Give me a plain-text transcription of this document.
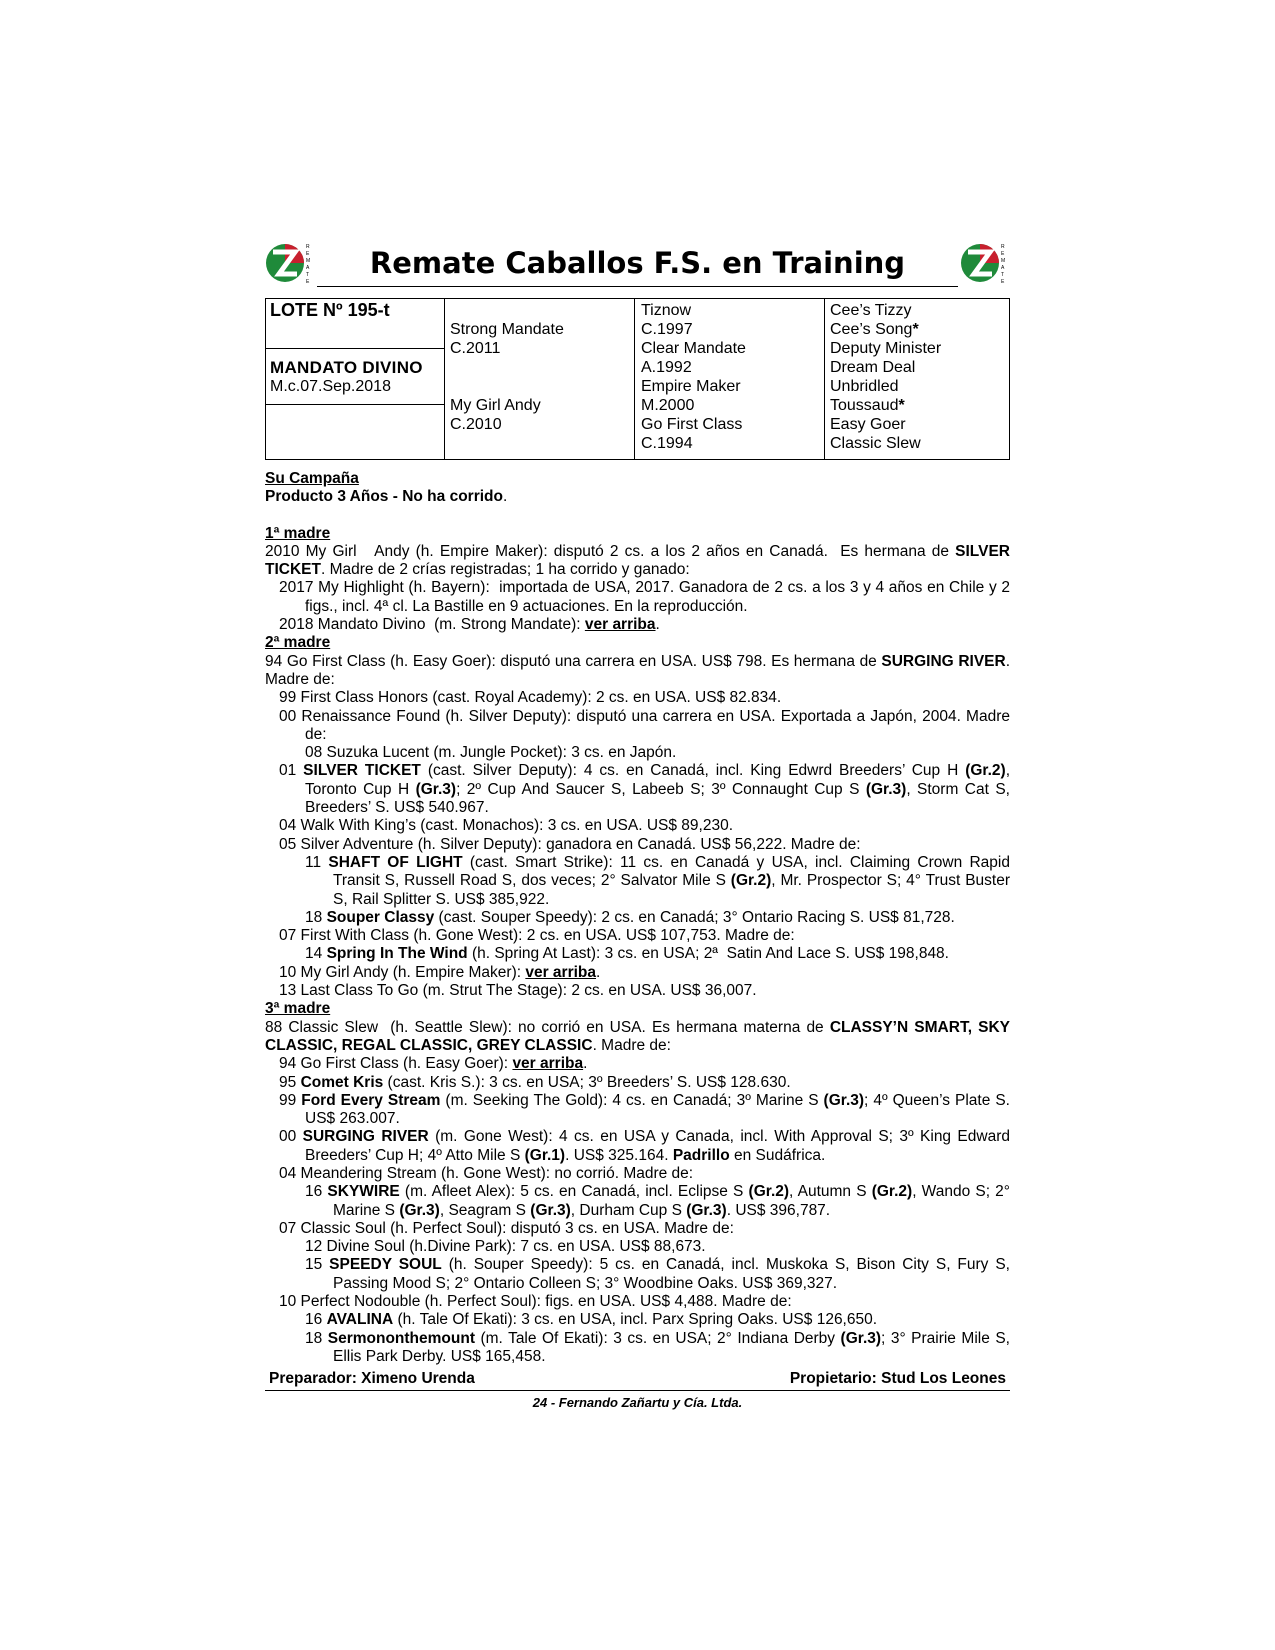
R
E
M
A
T
E
Remate Caballos F.S. en Training	R
E
M
A
T
E
LOTE Nº 195-t
MANDATO DIVINO
M.c.07.Sep.2018
Strong Mandate
C.2011
My Girl Andy
C.2010
Tiznow
C.1997
Clear Mandate
A.1992
Empire Maker
M.2000
Go First Class
C.1994
Cee’s Tizzy
Cee’s Song*
Deputy Minister
Dream Deal
Unbridled
Toussaud*
Easy Goer
Classic Slew

Su Campaña

Producto 3 Años - No ha corrido.

1ª madre

2010 My Girl   Andy (h. Empire Maker): disputó 2 cs. a los 2 años en Canadá.  Es hermana de SILVER TICKET. Madre de 2 crías registradas; 1 ha corrido y ganado:

2017 My Highlight (h. Bayern):  importada de USA, 2017. Ganadora de 2 cs. a los 3 y 4 años en Chile y 2 figs., incl. 4ª cl. La Bastille en 9 actuaciones. En la reproducción.

2018 Mandato Divino  (m. Strong Mandate): ver arriba.

2ª madre

94 Go First Class (h. Easy Goer): disputó una carrera en USA. US$ 798. Es hermana de SURGING RIVER. Madre de:

99 First Class Honors (cast. Royal Academy): 2 cs. en USA. US$ 82.834.

00 Renaissance Found (h. Silver Deputy): disputó una carrera en USA. Exportada a Japón, 2004. Madre de:

08 Suzuka Lucent (m. Jungle Pocket): 3 cs. en Japón.

01 SILVER TICKET (cast. Silver Deputy): 4 cs. en Canadá, incl. King Edwrd Breeders’ Cup H (Gr.2), Toronto Cup H (Gr.3); 2º Cup And Saucer S, Labeeb S; 3º Connaught Cup S (Gr.3), Storm Cat S, Breeders’ S. US$ 540.967.

04 Walk With King’s (cast. Monachos): 3 cs. en USA. US$ 89,230.

05 Silver Adventure (h. Silver Deputy): ganadora en Canadá. US$ 56,222. Madre de:

11 SHAFT OF LIGHT (cast. Smart Strike): 11 cs. en Canadá y USA, incl. Claiming Crown Rapid Transit S, Russell Road S, dos veces; 2° Salvator Mile S (Gr.2), Mr. Prospector S; 4° Trust Buster S, Rail Splitter S. US$ 385,922.

18 Souper Classy (cast. Souper Speedy): 2 cs. en Canadá; 3° Ontario Racing S. US$ 81,728.

07 First With Class (h. Gone West): 2 cs. en USA. US$ 107,753. Madre de:

14 Spring In The Wind (h. Spring At Last): 3 cs. en USA; 2ª  Satin And Lace S. US$ 198,848.

10 My Girl Andy (h. Empire Maker): ver arriba.

13 Last Class To Go (m. Strut The Stage): 2 cs. en USA. US$ 36,007.

3ª madre

88 Classic Slew  (h. Seattle Slew): no corrió en USA. Es hermana materna de CLASSY’N SMART, SKY CLASSIC, REGAL CLASSIC, GREY CLASSIC. Madre de:

94 Go First Class (h. Easy Goer): ver arriba.

95 Comet Kris (cast. Kris S.): 3 cs. en USA; 3º Breeders’ S. US$ 128.630.

99 Ford Every Stream (m. Seeking The Gold): 4 cs. en Canadá; 3º Marine S (Gr.3); 4º Queen’s Plate S. US$ 263.007.

00 SURGING RIVER (m. Gone West): 4 cs. en USA y Canada, incl. With Approval S; 3º King Edward Breeders’ Cup H; 4º Atto Mile S (Gr.1). US$ 325.164. Padrillo en Sudáfrica.

04 Meandering Stream (h. Gone West): no corrió. Madre de:

16 SKYWIRE (m. Afleet Alex): 5 cs. en Canadá, incl. Eclipse S (Gr.2), Autumn S (Gr.2), Wando S; 2° Marine S (Gr.3), Seagram S (Gr.3), Durham Cup S (Gr.3). US$ 396,787.

07 Classic Soul (h. Perfect Soul): disputó 3 cs. en USA. Madre de:

12 Divine Soul (h.Divine Park): 7 cs. en USA. US$ 88,673.

15 SPEEDY SOUL (h. Souper Speedy): 5 cs. en Canadá, incl. Muskoka S, Bison City S, Fury S, Passing Mood S; 2° Ontario Colleen S; 3° Woodbine Oaks. US$ 369,327.

10 Perfect Nodouble (h. Perfect Soul): figs. en USA. US$ 4,488. Madre de:

16 AVALINA (h. Tale Of Ekati): 3 cs. en USA, incl. Parx Spring Oaks. US$ 126,650.

18 Sermononthemount (m. Tale Of Ekati): 3 cs. en USA; 2° Indiana Derby (Gr.3); 3° Prairie Mile S, Ellis Park Derby. US$ 165,458.

Preparador: Ximeno Urenda	Propietario: Stud Los Leones
24 - Fernando Zañartu y Cía. Ltda.
